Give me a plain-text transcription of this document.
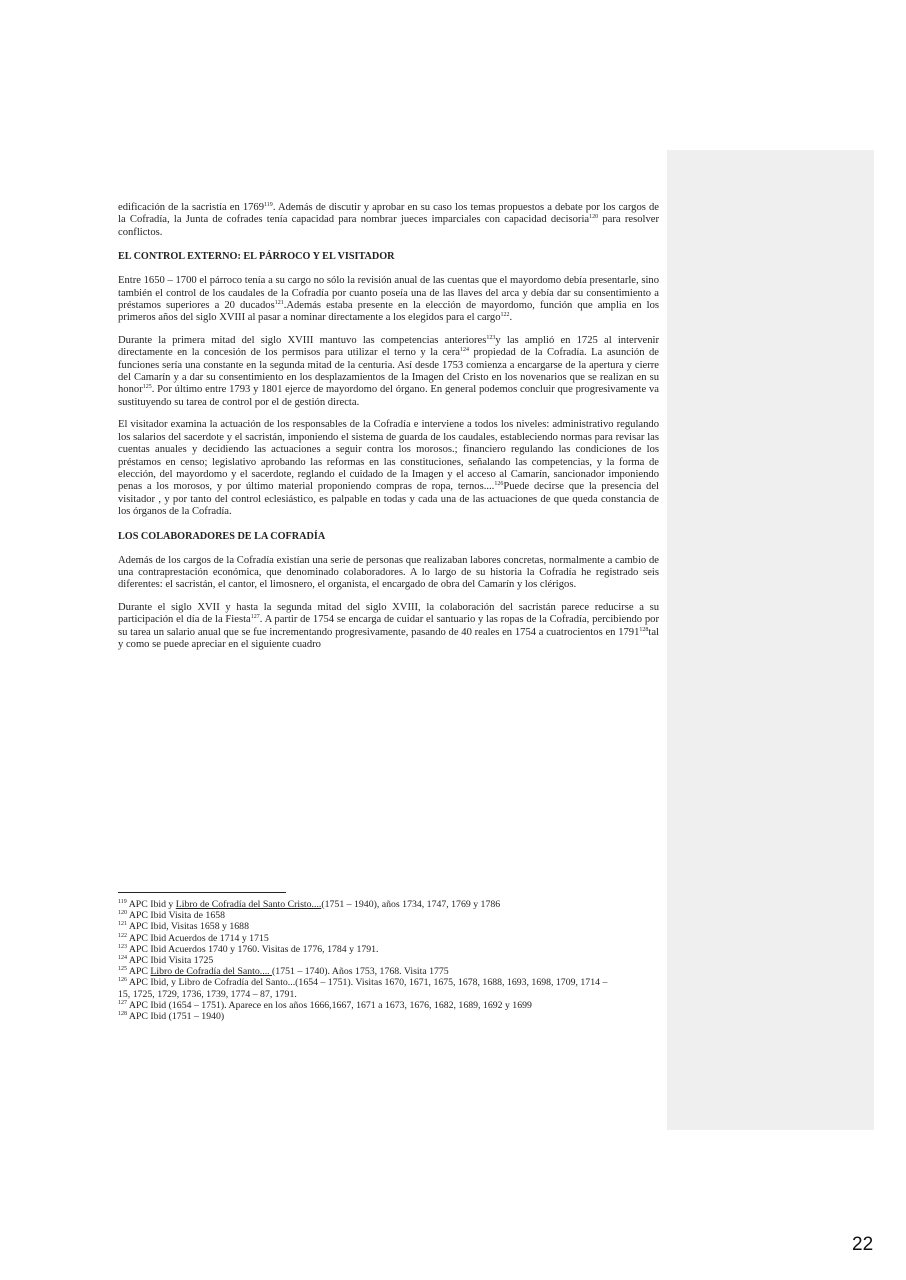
edificación de la sacristía en 1769$^{119}$. Además de discutir y aprobar en su caso los temas propuestos a debate por los cargos de la Cofradía, la Junta de cofrades tenía capacidad para nombrar jueces imparciales con capacidad decisoria$^{120}$ para resolver conflictos.

EL CONTROL EXTERNO: EL PÁRROCO Y EL VISITADOR

Entre 1650 – 1700 el párroco tenía a su cargo no sólo la revisión anual de las cuentas que el mayordomo debía presentarle, sino también el control de los caudales de la Cofradía por cuanto poseía una de las llaves del arca y debía dar su consentimiento a préstamos superiores a 20 ducados$^{121}$.Además estaba presente en la elección de mayordomo, función que amplia en los primeros años del siglo XVIII al pasar a nominar directamente a los elegidos para el cargo$^{122}$.

Durante la primera mitad del siglo XVIII mantuvo las competencias anteriores$^{123}$y las amplió en 1725 al intervenir directamente en la concesión de los permisos para utilizar el terno y la cera$^{124}$ propiedad de la Cofradía. La asunción de funciones sería una constante en la segunda mitad de la centuria. Así desde 1753 comienza a encargarse de la apertura y cierre del Camarín y a dar su consentimiento en los desplazamientos de la Imagen del Cristo en los novenarios que se realizan en su honor$^{125}$. Por último entre 1793 y 1801 ejerce de mayordomo del órgano. En general podemos concluir que progresivamente va sustituyendo su tarea de control por el de gestión directa.

El visitador examina la actuación de los responsables de la Cofradía e interviene a todos los niveles: administrativo regulando los salarios del sacerdote y el sacristán, imponiendo el sistema de guarda de los caudales, estableciendo normas para revisar las cuentas anuales y decidiendo las actuaciones a seguir contra los morosos.; financiero regulando las condiciones de los préstamos en censo; legislativo aprobando las reformas en las constituciones, señalando las competencias, y la forma de elección, del mayordomo y el sacerdote, reglando el cuidado de la Imagen y el acceso al Camarín, sancionador imponiendo penas a los morosos, y por último material proponiendo compras de ropa, ternos....$^{126}$Puede decirse que la presencia del visitador , y por tanto del control eclesiástico, es palpable en todas y cada una de las actuaciones de que queda constancia de los órganos de la Cofradía.

LOS COLABORADORES DE LA COFRADÍA

Además de los cargos de la Cofradía existían una serie de personas que realizaban labores concretas, normalmente a cambio de una contraprestación económica, que denominado colaboradores. A lo largo de su historia la Cofradía he registrado seis diferentes: el sacristán, el cantor, el limosnero, el organista, el encargado de obra del Camarín y los clérigos.

Durante el siglo XVII y hasta la segunda mitad del siglo XVIII, la colaboración del sacristán parece reducirse a su participación el día de la Fiesta$^{127}$. A partir de 1754 se encarga de cuidar el santuario y las ropas de la Cofradía, percibiendo por su tarea un salario anual que se fue incrementando progresivamente, pasando de 40 reales en 1754 a cuatrocientos en 1791$^{128}$tal y como se puede apreciar en el siguiente cuadro

$^{119}$ APC Ibid y Libro de Cofradía del Santo Cristo....(1751 – 1940), años 1734, 1747, 1769 y 1786
$^{120}$ APC Ibid Visita de 1658
$^{121}$ APC Ibid, Visitas 1658 y 1688
$^{122}$ APC Ibid Acuerdos de 1714 y 1715
$^{123}$ APC Ibid Acuerdos 1740 y 1760. Visitas de 1776, 1784 y 1791.
$^{124}$ APC Ibid Visita 1725
$^{125}$ APC Libro de Cofradía del Santo.... (1751 – 1740). Años 1753, 1768. Visita 1775
$^{126}$ APC Ibid, y Libro de Cofradía del Santo...(1654 – 1751). Visitas 1670, 1671, 1675, 1678, 1688, 1693, 1698, 1709, 1714 – 15, 1725, 1729, 1736, 1739, 1774 – 87, 1791.
$^{127}$ APC Ibid (1654 – 1751). Aparece en los años 1666,1667, 1671 a 1673, 1676, 1682, 1689, 1692 y 1699
$^{128}$ APC Ibid (1751 – 1940)
22
